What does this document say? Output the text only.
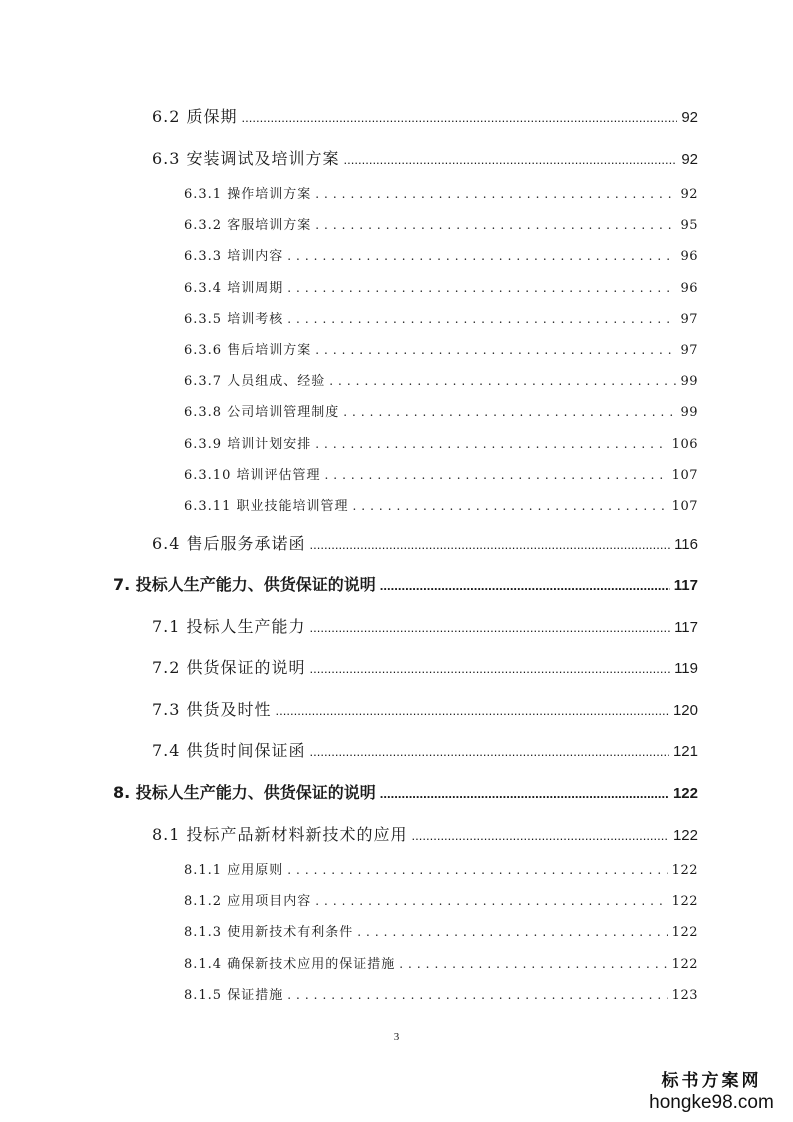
6.2 质保期 .....	92
6.3 安装调试及培训方案 .....	92
6.3.1 操作培训方案 .....	92
6.3.2 客服培训方案 .....	95
6.3.3 培训内容 .....	96
6.3.4 培训周期 .....	96
6.3.5 培训考核 .....	97
6.3.6 售后培训方案 .....	97
6.3.7 人员组成、经验 .....	99
6.3.8 公司培训管理制度 .....	99
6.3.9 培训计划安排 .....	106
6.3.10 培训评估管理 .....	107
6.3.11 职业技能培训管理 .....	107
6.4 售后服务承诺函 .....	116
7. 投标人生产能力、供货保证的说明 .....	117
7.1 投标人生产能力 .....	117
7.2 供货保证的说明 .....	119
7.3 供货及时性 .....	120
7.4 供货时间保证函 .....	121
8. 投标人生产能力、供货保证的说明 .....	122
8.1 投标产品新材料新技术的应用 .....	122
8.1.1 应用原则 .....	122
8.1.2 应用项目内容 .....	122
8.1.3 使用新技术有利条件 .....	122
8.1.4 确保新技术应用的保证措施 .....	122
8.1.5 保证措施 .....	123
3
标书方案网
hongke98.com
